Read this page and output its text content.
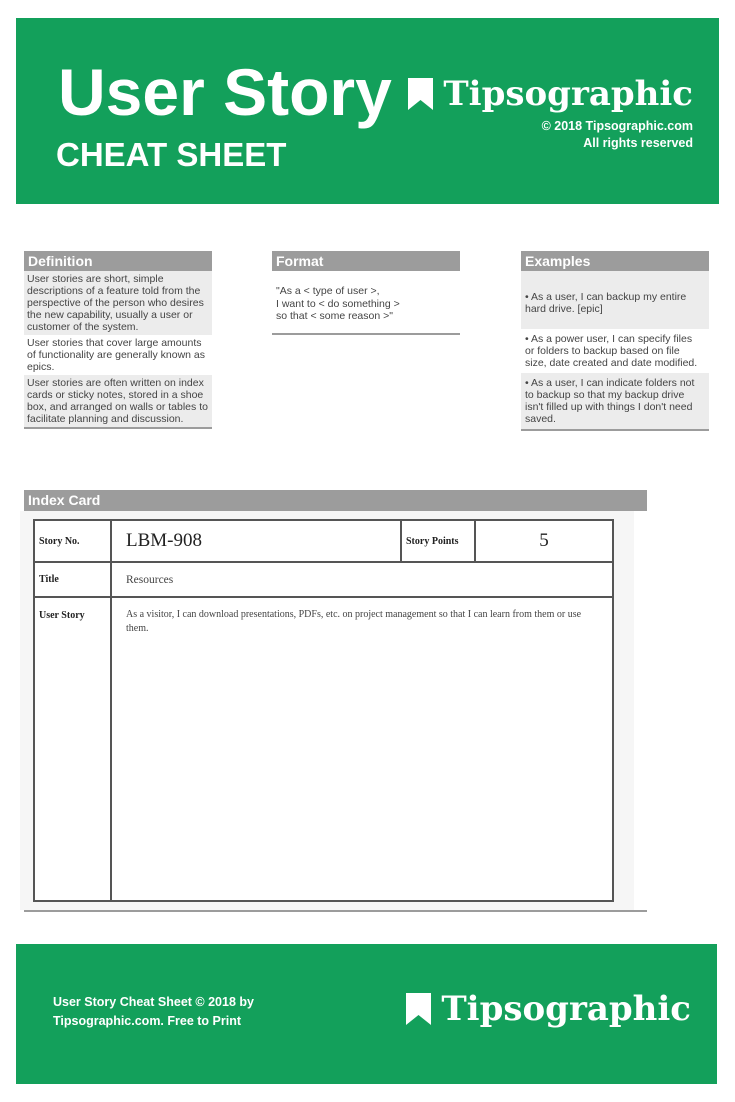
User Story
CHEAT SHEET
Tipsographic
© 2018 Tipsographic.com
All rights reserved
Definition
User stories are short, simple descriptions of a feature told from the perspective of the person who desires the new capability, usually a user or customer of the system.
User stories that cover large amounts of functionality are generally known as epics.
User stories are often written on index cards or sticky notes, stored in a shoe box, and arranged on walls or tables to facilitate planning and discussion.
Format
"As a < type of user >,
I want to < do something >
so that < some reason >"
Examples
• As a user, I can backup my entire hard drive. [epic]
• As a power user, I can specify files or folders to backup based on file size, date created and date modified.
• As a user, I can indicate folders not to backup so that my backup drive isn't filled up with things I don't need saved.
Index Card
Story No.	LBM-908	Story Points	5
Title	Resources		
User Story	As a visitor, I can download presentations, PDFs, etc. on project management so that I can learn from them or use them.		
User Story Cheat Sheet © 2018 by Tipsographic.com. Free to Print	Tipsographic
